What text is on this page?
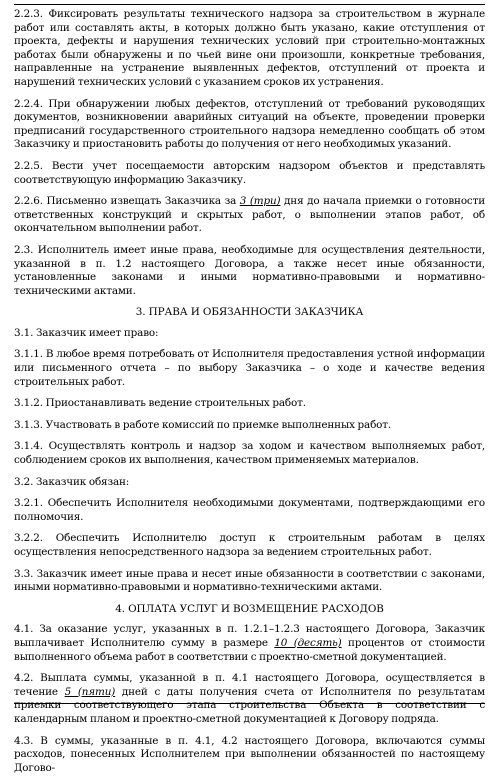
2.2.3. Фиксировать результаты технического надзора за строительством в журнале работ или составлять акты, в которых должно быть указано, какие отступления от проекта, дефекты и нарушения технических условий при строительно-монтажных работах были обнаружены и по чьей вине они произошли, конкретные требования, направленные на устранение выявленных дефектов, отступлений от проекта и нарушений технических условий с указанием сроков их устранения.

2.2.4. При обнаружении любых дефектов, отступлений от требований руководящих документов, возникновении аварийных ситуаций на объекте, проведении проверки предписаний государственного строительного надзора немедленно сообщать об этом Заказчику и приостановить работы до получения от него необходимых указаний.

2.2.5. Вести учет посещаемости авторским надзором объектов и представлять соответствующую информацию Заказчику.

2.2.6. Письменно извещать Заказчика за 3 (три) дня до начала приемки о готовности ответственных конструкций и скрытых работ, о выполнении этапов работ, об окончательном выполнении работ.

2.3. Исполнитель имеет иные права, необходимые для осуществления деятельности, указанной в п. 1.2 настоящего Договора, а также несет иные обязанности, установленные законами и иными нормативно-правовыми и нормативно-техническими актами.

3. ПРАВА И ОБЯЗАННОСТИ ЗАКАЗЧИКА

3.1. Заказчик имеет право:

3.1.1. В любое время потребовать от Исполнителя предоставления устной информации или письменного отчета – по выбору Заказчика – о ходе и качестве ведения строительных работ.

3.1.2. Приостанавливать ведение строительных работ.

3.1.3. Участвовать в работе комиссий по приемке выполненных работ.

3.1.4. Осуществлять контроль и надзор за ходом и качеством выполняемых работ, соблюдением сроков их выполнения, качеством применяемых материалов.

3.2. Заказчик обязан:

3.2.1. Обеспечить Исполнителя необходимыми документами, подтверждающими его полномочия.

3.2.2. Обеспечить Исполнителю доступ к строительным работам в целях осуществления непосредственного надзора за ведением строительных работ.

3.3. Заказчик имеет иные права и несет иные обязанности в соответствии с законами, иными нормативно-правовыми и нормативно-техническими актами.

4. ОПЛАТА УСЛУГ И ВОЗМЕЩЕНИЕ РАСХОДОВ

4.1. За оказание услуг, указанных в п. 1.2.1–1.2.3 настоящего Договора, Заказчик выплачивает Исполнителю сумму в размере 10 (десять) процентов от стоимости выполненного объема работ в соответствии с проектно-сметной документацией.

4.2. Выплата суммы, указанной в п. 4.1 настоящего Договора, осуществляется в течение 5 (пяти) дней с даты получения счета от Исполнителя по результатам приемки соответствующего этапа строительства Объекта в соответствии с календарным планом и проектно-сметной документацией к Договору подряда.

4.3. В суммы, указанные в п. 4.1, 4.2 настоящего Договора, включаются суммы расходов, понесенных Исполнителем при выполнении обязанностей по настоящему Догово-
